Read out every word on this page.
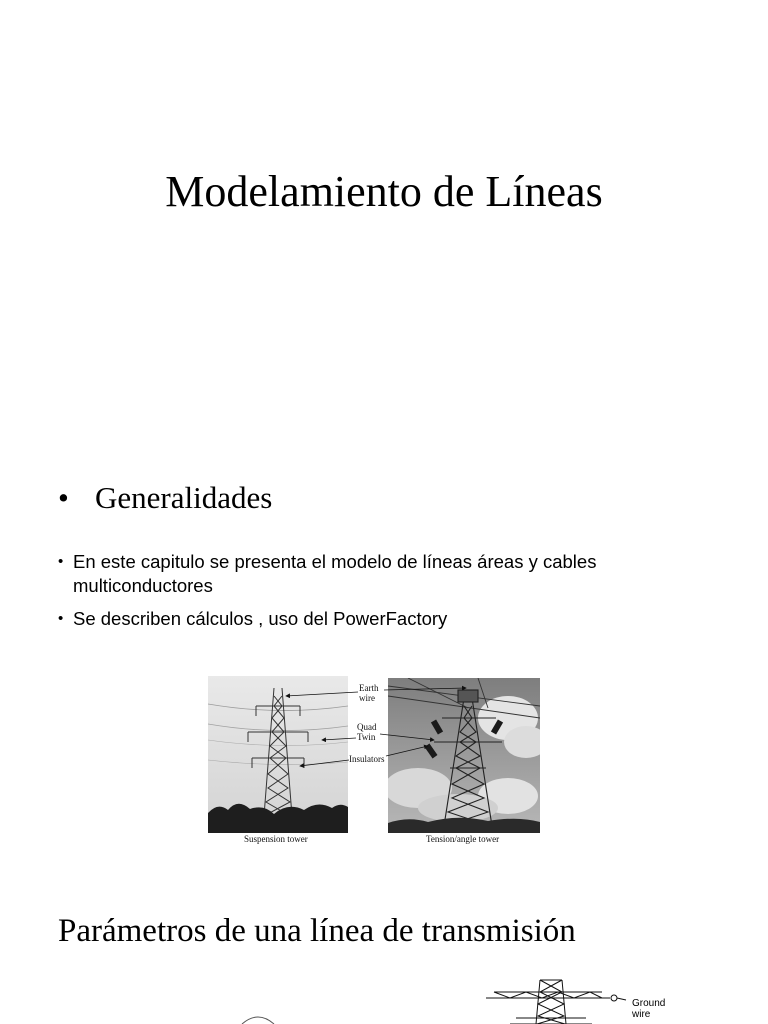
Modelamiento de Líneas
• Generalidades
• En este capitulo se presenta el modelo de líneas áreas y cables multiconductores
• Se describen cálculos , uso del PowerFactory
Earth
wire
Quad
Twin
Insulators
Suspension tower	Tension/angle tower
Parámetros de una línea de transmisión
Ground
wire
